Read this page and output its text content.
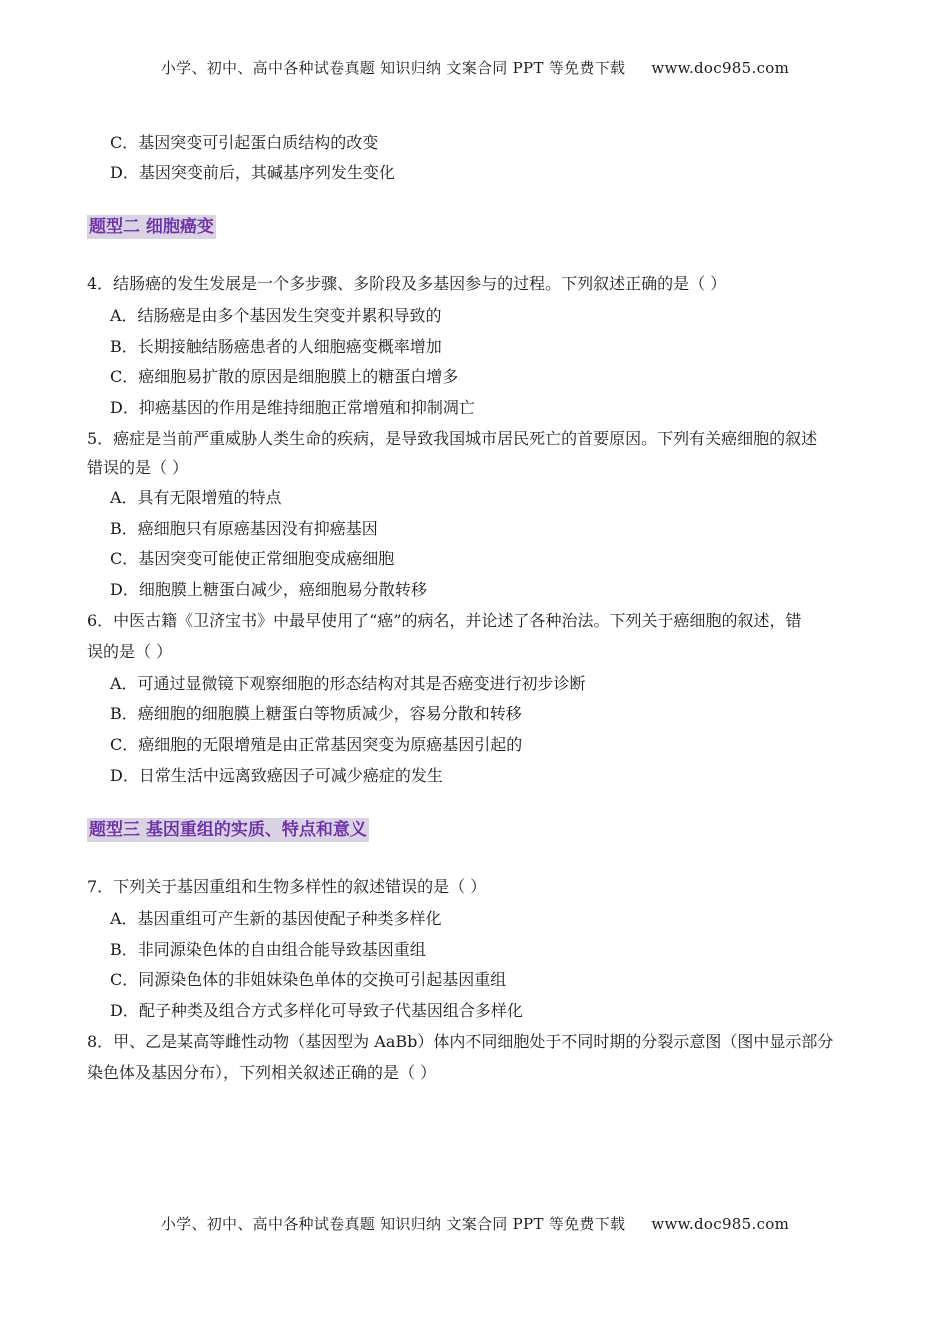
小学、初中、高中各种试卷真题 知识归纳 文案合同 PPT 等免费下载 www.doc985.com
C．基因突变可引起蛋白质结构的改变
D．基因突变前后，其碱基序列发生变化
题型二 细胞癌变
4．结肠癌的发生发展是一个多步骤、多阶段及多基因参与的过程。下列叙述正确的是（ ）
A．结肠癌是由多个基因发生突变并累积导致的
B．长期接触结肠癌患者的人细胞癌变概率增加
C．癌细胞易扩散的原因是细胞膜上的糖蛋白增多
D．抑癌基因的作用是维持细胞正常增殖和抑制凋亡
5．癌症是当前严重威胁人类生命的疾病，是导致我国城市居民死亡的首要原因。下列有关癌细胞的叙述
错误的是（ ）
A．具有无限增殖的特点
B．癌细胞只有原癌基因没有抑癌基因
C．基因突变可能使正常细胞变成癌细胞
D．细胞膜上糖蛋白减少，癌细胞易分散转移
6．中医古籍《卫济宝书》中最早使用了“癌”的病名，并论述了各种治法。下列关于癌细胞的叙述，错
误的是（ ）
A．可通过显微镜下观察细胞的形态结构对其是否癌变进行初步诊断
B．癌细胞的细胞膜上糖蛋白等物质减少，容易分散和转移
C．癌细胞的无限增殖是由正常基因突变为原癌基因引起的
D．日常生活中远离致癌因子可减少癌症的发生
题型三 基因重组的实质、特点和意义
7．下列关于基因重组和生物多样性的叙述错误的是（ ）
A．基因重组可产生新的基因使配子种类多样化
B．非同源染色体的自由组合能导致基因重组
C．同源染色体的非姐妹染色单体的交换可引起基因重组
D．配子种类及组合方式多样化可导致子代基因组合多样化
8．甲、乙是某高等雌性动物（基因型为 AaBb）体内不同细胞处于不同时期的分裂示意图（图中显示部分
染色体及基因分布），下列相关叙述正确的是（ ）
小学、初中、高中各种试卷真题 知识归纳 文案合同 PPT 等免费下载 www.doc985.com
